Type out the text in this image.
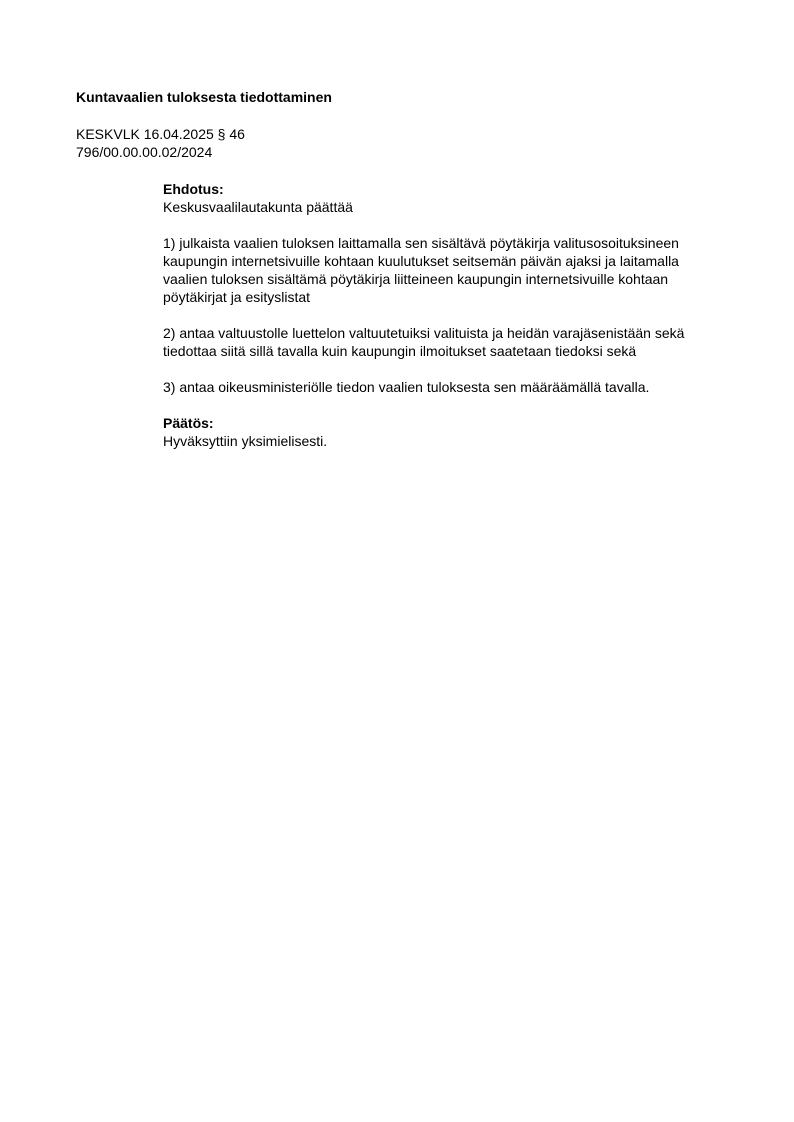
Kuntavaalien tuloksesta tiedottaminen
KESKVLK 16.04.2025 § 46
796/00.00.00.02/2024
Ehdotus:
Keskusvaalilautakunta päättää
1) julkaista vaalien tuloksen laittamalla sen sisältävä pöytäkirja valitusosoituksineen
kaupungin internetsivuille kohtaan kuulutukset seitsemän päivän ajaksi ja laitamalla
vaalien tuloksen sisältämä pöytäkirja liitteineen kaupungin internetsivuille kohtaan
pöytäkirjat ja esityslistat
2) antaa valtuustolle luettelon valtuutetuiksi valituista ja heidän varajäsenistään sekä
tiedottaa siitä sillä tavalla kuin kaupungin ilmoitukset saatetaan tiedoksi sekä
3) antaa oikeusministeriölle tiedon vaalien tuloksesta sen määräämällä tavalla.
Päätös:
Hyväksyttiin yksimielisesti.
